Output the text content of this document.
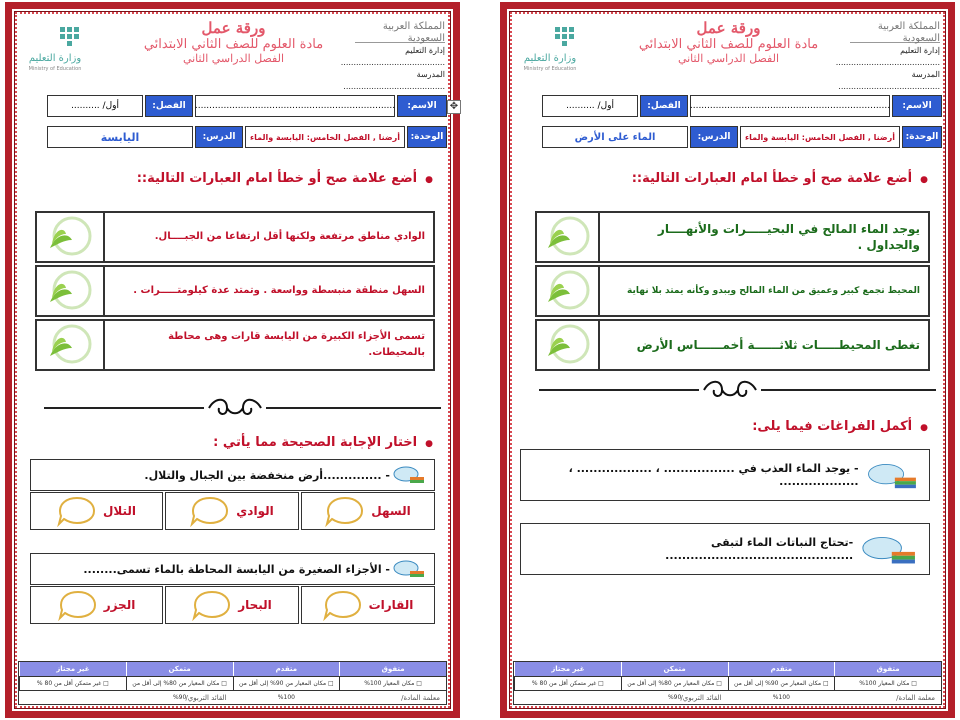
المملكة العربية السعودية
إدارة التعليم .........................................
المدرسة ........................................
ورقة عمل
مادة العلوم للصف الثاني الابتدائي
الفصل الدراسي الثاني
وزارة التعليم
Ministry of Education
الاسم:
......................................................................
الفصل:
أول/ ..........
الوحدة:
أرضنا , الفصل الخامس: اليابسة والماء
الدرس:
اليابسة
● أضع علامة صح أو خطأ امام العبارات التالية::
الوادي مناطق مرتفعة ولكنها أقل ارتفاعا من الجبــــال.
السهل منطقة منبسطة وواسعة . وتمتد عدة كيلومتـــــرات .
تسمى الأجزاء الكبيرة من اليابسة قارات وهى محاطة بالمحيطات.
● اختار الإجابة الصحيحة مما يأتي :
- ..............
أرض منخفضة بين الجبال والتلال.
السهل
الوادي
التلال
- الأجزاء الصغيرة من اليابسة المحاطة بالماء تسمى........
القارات
البحار
الجزر
متفوق
متقدم
متمكن
غير مجتاز
□ مكان المعيار 100%
□ مكان المعيار من 90% إلى أقل من 100%
□ مكان المعيار من 80% إلى أقل من 90%
□ غير متمكن أقل من 80 %
معلمة المادة/
القائد التربوي/
✥
المملكة العربية السعودية
إدارة التعليم .........................................
المدرسة ........................................
ورقة عمل
مادة العلوم للصف الثاني الابتدائي
الفصل الدراسي الثاني
وزارة التعليم
Ministry of Education
الاسم:
......................................................................
الفصل:
أول/ ..........
الوحدة:
أرضنا , الفصل الخامس: اليابسة والماء
الدرس:
الماء على الأرض
● أضع علامة صح أو خطأ امام العبارات التالية::
يوجد الماء المالح في البحيـــــرات والأنهــــار والجداول .
المحيط تجمع كبير وعميق من الماء المالح ويبدو وكأنه يمتد بلا نهاية
تغطى المحيطـــــات ثلاثــــــة أخمــــــاس الأرض
● أكمل الفراغات فيما يلى:
- يوجد الماء العذب في ................. ، .................. ، ...................
-تحتاج النباتات الماء لتبقى .............................................
متفوق
متقدم
متمكن
غير مجتاز
□ مكان المعيار 100%
□ مكان المعيار من 90% إلى أقل من 100%
□ مكان المعيار من 80% إلى أقل من 90%
□ غير متمكن أقل من 80 %
معلمة المادة/
القائد التربوي/
